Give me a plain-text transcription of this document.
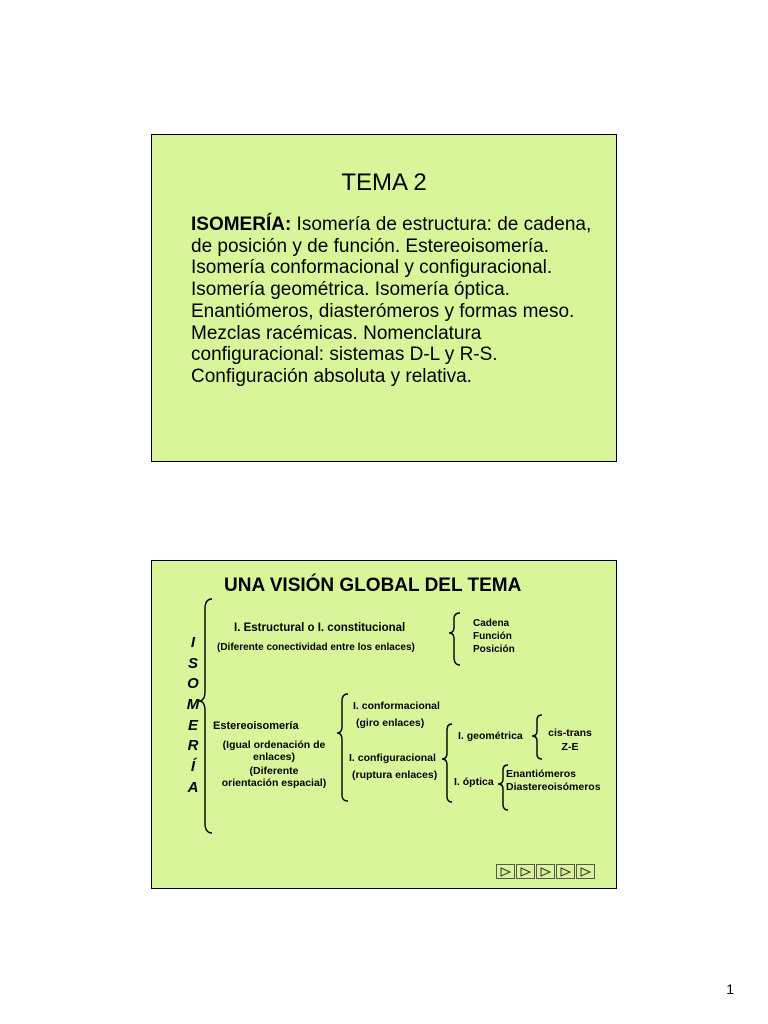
TEMA 2
ISOMERÍA: Isomería de estructura: de cadena, de posición y de función. Estereoisomería. Isomería conformacional y configuracional. Isomería geométrica. Isomería óptica. Enantiómeros, diasterómeros y formas meso. Mezclas racémicas. Nomenclatura configuracional: sistemas D-L y R-S. Configuración absoluta y relativa.
UNA VISIÓN GLOBAL DEL TEMA
I
S
O
M
E
R
Í
A
I. Estructural o I. constitucional
(Diferente conectividad entre los enlaces)
Cadena
Función
Posición
Estereoisomería
(Igual ordenación de
enlaces)
(Diferente
orientación espacial)
I. conformacional
(giro enlaces)
I. configuracional
(ruptura enlaces)
I. geométrica	cis-trans
Z-E
I. óptica
Enantiómeros
Diastereoisómeros
1
